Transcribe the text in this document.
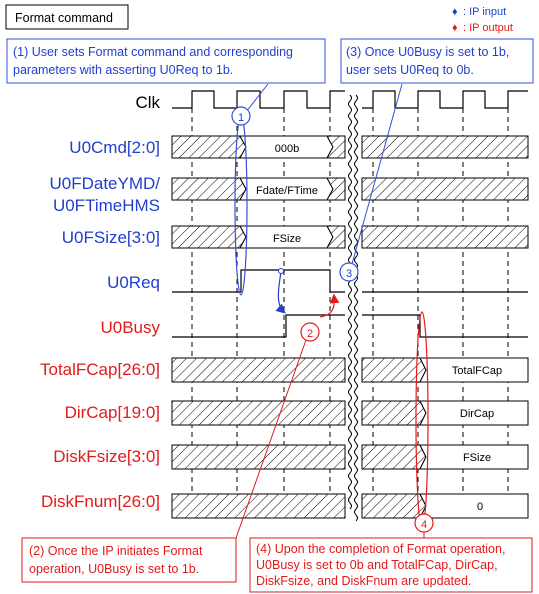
Format command	♦ : IP input
♦ : IP output
(1) User sets Format command and corresponding
parameters with asserting U0Req to 1b.
(3) Once U0Busy is set to 1b,
user sets U0Req to 0b.
Clk
U0Cmd[2:0]
U0FDateYMD/
U0FTimeHMS
U0FSize[3:0]
U0Req
U0Busy
TotalFCap[26:0]
DirCap[19:0]
DiskFsize[3:0]
DiskFnum[26:0]
000b
Fdate/FTime
FSize
TotalFCap
DirCap
FSize
0
1
2
3
4
(2) Once the IP initiates Format
operation, U0Busy is set to 1b.
(4) Upon the completion of Format operation,
U0Busy is set to 0b and TotalFCap, DirCap,
DiskFsize, and DiskFnum are updated.
